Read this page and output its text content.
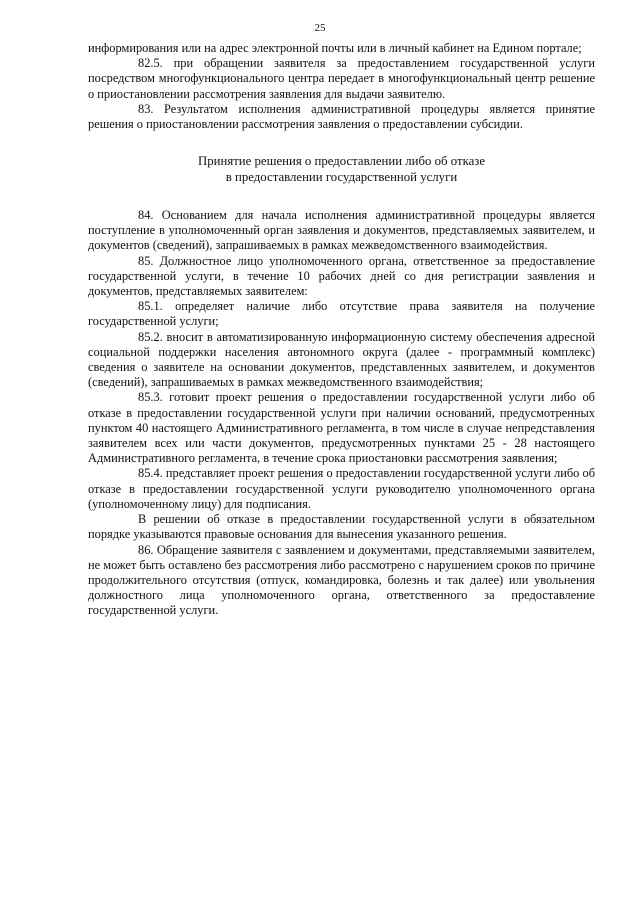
25

информирования или на адрес электронной почты или в личный кабинет на Едином портале;

82.5. при обращении заявителя за предоставлением государственной услуги посредством многофункционального центра передает в многофункциональный центр решение о приостановлении рассмотрения заявления для выдачи заявителю.

83. Результатом исполнения административной процедуры является принятие решения о приостановлении рассмотрения заявления о предоставлении субсидии.

Принятие решения о предоставлении либо об отказе
в предоставлении государственной услуги

84. Основанием для начала исполнения административной процедуры является поступление в уполномоченный орган заявления и документов, представляемых заявителем, и документов (сведений), запрашиваемых в рамках межведомственного взаимодействия.

85. Должностное лицо уполномоченного органа, ответственное за предоставление государственной услуги, в течение 10 рабочих дней со дня регистрации заявления и документов, представляемых заявителем:

85.1. определяет наличие либо отсутствие права заявителя на получение государственной услуги;

85.2. вносит в автоматизированную информационную систему обеспечения адресной социальной поддержки населения автономного округа (далее - программный комплекс) сведения о заявителе на основании документов, представленных заявителем, и документов (сведений), запрашиваемых в рамках межведомственного взаимодействия;

85.3. готовит проект решения о предоставлении государственной услуги либо об отказе в предоставлении государственной услуги при наличии оснований, предусмотренных пунктом 40 настоящего Административного регламента, в том числе в случае непредставления заявителем всех или части документов, предусмотренных пунктами 25 - 28 настоящего Административного регламента, в течение срока приостановки рассмотрения заявления;

85.4. представляет проект решения о предоставлении государственной услуги либо об отказе в предоставлении государственной услуги руководителю уполномоченного органа (уполномоченному лицу) для подписания.

В решении об отказе в предоставлении государственной услуги в обязательном порядке указываются правовые основания для вынесения указанного решения.

86. Обращение заявителя с заявлением и документами, представляемыми заявителем, не может быть оставлено без рассмотрения либо рассмотрено с нарушением сроков по причине продолжительного отсутствия (отпуск, командировка, болезнь и так далее) или увольнения должностного лица уполномоченного органа, ответственного за предоставление государственной услуги.
